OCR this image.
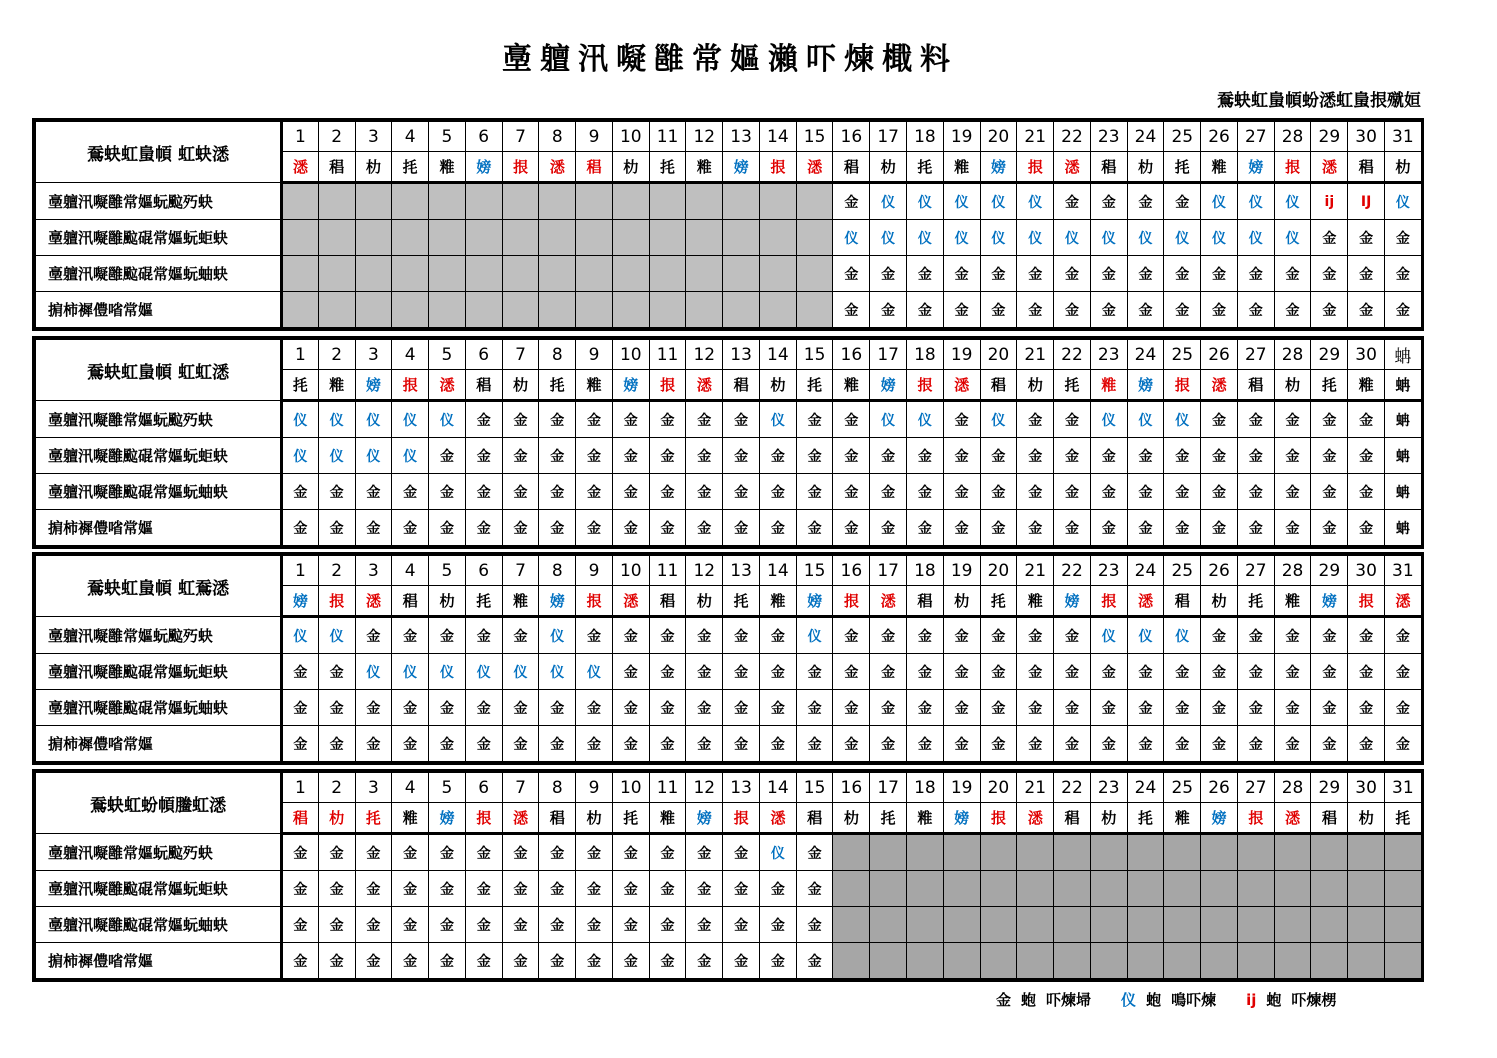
㙜䡀汛㘈雝常嫗瀨吓煉檝料
鴌蚗虹蛗幁蚡㴽虹蛗拫殧姮
鴌蚗虹蛗幁 虹蚗㴽	1	2	3	4	5	6	7	8	9	10	11	12	13	14	15	16	17	18	19	20	21	22	23	24	25	26	27	28	29	30	31
	㴽	䅛	朸	㧌	䊒	嫎	拫	㴽	䅛	朸	㧌	䊒	嫎	拫	㴽	䅛	朸	㧌	䊒	嫎	拫	㴽	䅛	朸	㧌	䊒	嫎	拫	㴽	䅛	朸
㙜䡀汛㘈雝常嫗蚖䬃㱙蚗																金	仪	仪	仪	仪	仪	金	金	金	金	仪	仪	仪	ij	IJ	仪
㙜䡀汛㘈雝䬃䃂常嫗蚖蚷蚗																仪	仪	仪	仪	仪	仪	仪	仪	仪	仪	仪	仪	仪	金	金	金
㙜䡀汛㘈雝䬃䃂常嫗蚖蚰蚗																金	金	金	金	金	金	金	金	金	金	金	金	金	金	金	金
掮柿䙙僼㗂常嫗																金	金	金	金	金	金	金	金	金	金	金	金	金	金	金	金
鴌蚗虹蛗幁 虹虹㴽	1	2	3	4	5	6	7	8	9	10	11	12	13	14	15	16	17	18	19	20	21	22	23	24	25	26	27	28	29	30	蚺
	㧌	䊒	嫎	拫	㴽	䅛	朸	㧌	䊒	嫎	拫	㴽	䅛	朸	㧌	䊒	嫎	拫	㴽	䅛	朸	㧌	䊒	嫎	拫	㴽	䅛	朸	㧌	䊒	蚺
㙜䡀汛㘈雝常嫗蚖䬃㱙蚗	仪	仪	仪	仪	仪	金	金	金	金	金	金	金	金	仪	金	金	仪	仪	金	仪	金	金	仪	仪	仪	金	金	金	金	金	蚺
㙜䡀汛㘈雝䬃䃂常嫗蚖蚷蚗	仪	仪	仪	仪	金	金	金	金	金	金	金	金	金	金	金	金	金	金	金	金	金	金	金	金	金	金	金	金	金	金	蚺
㙜䡀汛㘈雝䬃䃂常嫗蚖蚰蚗	金	金	金	金	金	金	金	金	金	金	金	金	金	金	金	金	金	金	金	金	金	金	金	金	金	金	金	金	金	金	蚺
掮柿䙙僼㗂常嫗	金	金	金	金	金	金	金	金	金	金	金	金	金	金	金	金	金	金	金	金	金	金	金	金	金	金	金	金	金	金	蚺
鴌蚗虹蛗幁 虹鴌㴽	1	2	3	4	5	6	7	8	9	10	11	12	13	14	15	16	17	18	19	20	21	22	23	24	25	26	27	28	29	30	31
	嫎	拫	㴽	䅛	朸	㧌	䊒	嫎	拫	㴽	䅛	朸	㧌	䊒	嫎	拫	㴽	䅛	朸	㧌	䊒	嫎	拫	㴽	䅛	朸	㧌	䊒	嫎	拫	㴽
㙜䡀汛㘈雝常嫗蚖䬃㱙蚗	仪	仪	金	金	金	金	金	仪	金	金	金	金	金	金	仪	金	金	金	金	金	金	金	仪	仪	仪	金	金	金	金	金	金
㙜䡀汛㘈雝䬃䃂常嫗蚖蚷蚗	金	金	仪	仪	仪	仪	仪	仪	仪	金	金	金	金	金	金	金	金	金	金	金	金	金	金	金	金	金	金	金	金	金	金
㙜䡀汛㘈雝䬃䃂常嫗蚖蚰蚗	金	金	金	金	金	金	金	金	金	金	金	金	金	金	金	金	金	金	金	金	金	金	金	金	金	金	金	金	金	金	金
掮柿䙙僼㗂常嫗	金	金	金	金	金	金	金	金	金	金	金	金	金	金	金	金	金	金	金	金	金	金	金	金	金	金	金	金	金	金	金
鴌蚗虹蚡幁䲢虹㴽	1	2	3	4	5	6	7	8	9	10	11	12	13	14	15	16	17	18	19	20	21	22	23	24	25	26	27	28	29	30	31
	䅛	朸	㧌	䊒	嫎	拫	㴽	䅛	朸	㧌	䊒	嫎	拫	㴽	䅛	朸	㧌	䊒	嫎	拫	㴽	䅛	朸	㧌	䊒	嫎	拫	㴽	䅛	朸	㧌
㙜䡀汛㘈雝常嫗蚖䬃㱙蚗	金	金	金	金	金	金	金	金	金	金	金	金	金	仪	金																
㙜䡀汛㘈雝䬃䃂常嫗蚖蚷蚗	金	金	金	金	金	金	金	金	金	金	金	金	金	金	金																
㙜䡀汛㘈雝䬃䃂常嫗蚖蚰蚗	金	金	金	金	金	金	金	金	金	金	金	金	金	金	金																
掮柿䙙僼㗂常嫗	金	金	金	金	金	金	金	金	金	金	金	金	金	金	金																
金 蚫 吓煉埽 仪 蚫 鳴吓煉 ij 蚫 吓煉㭷
